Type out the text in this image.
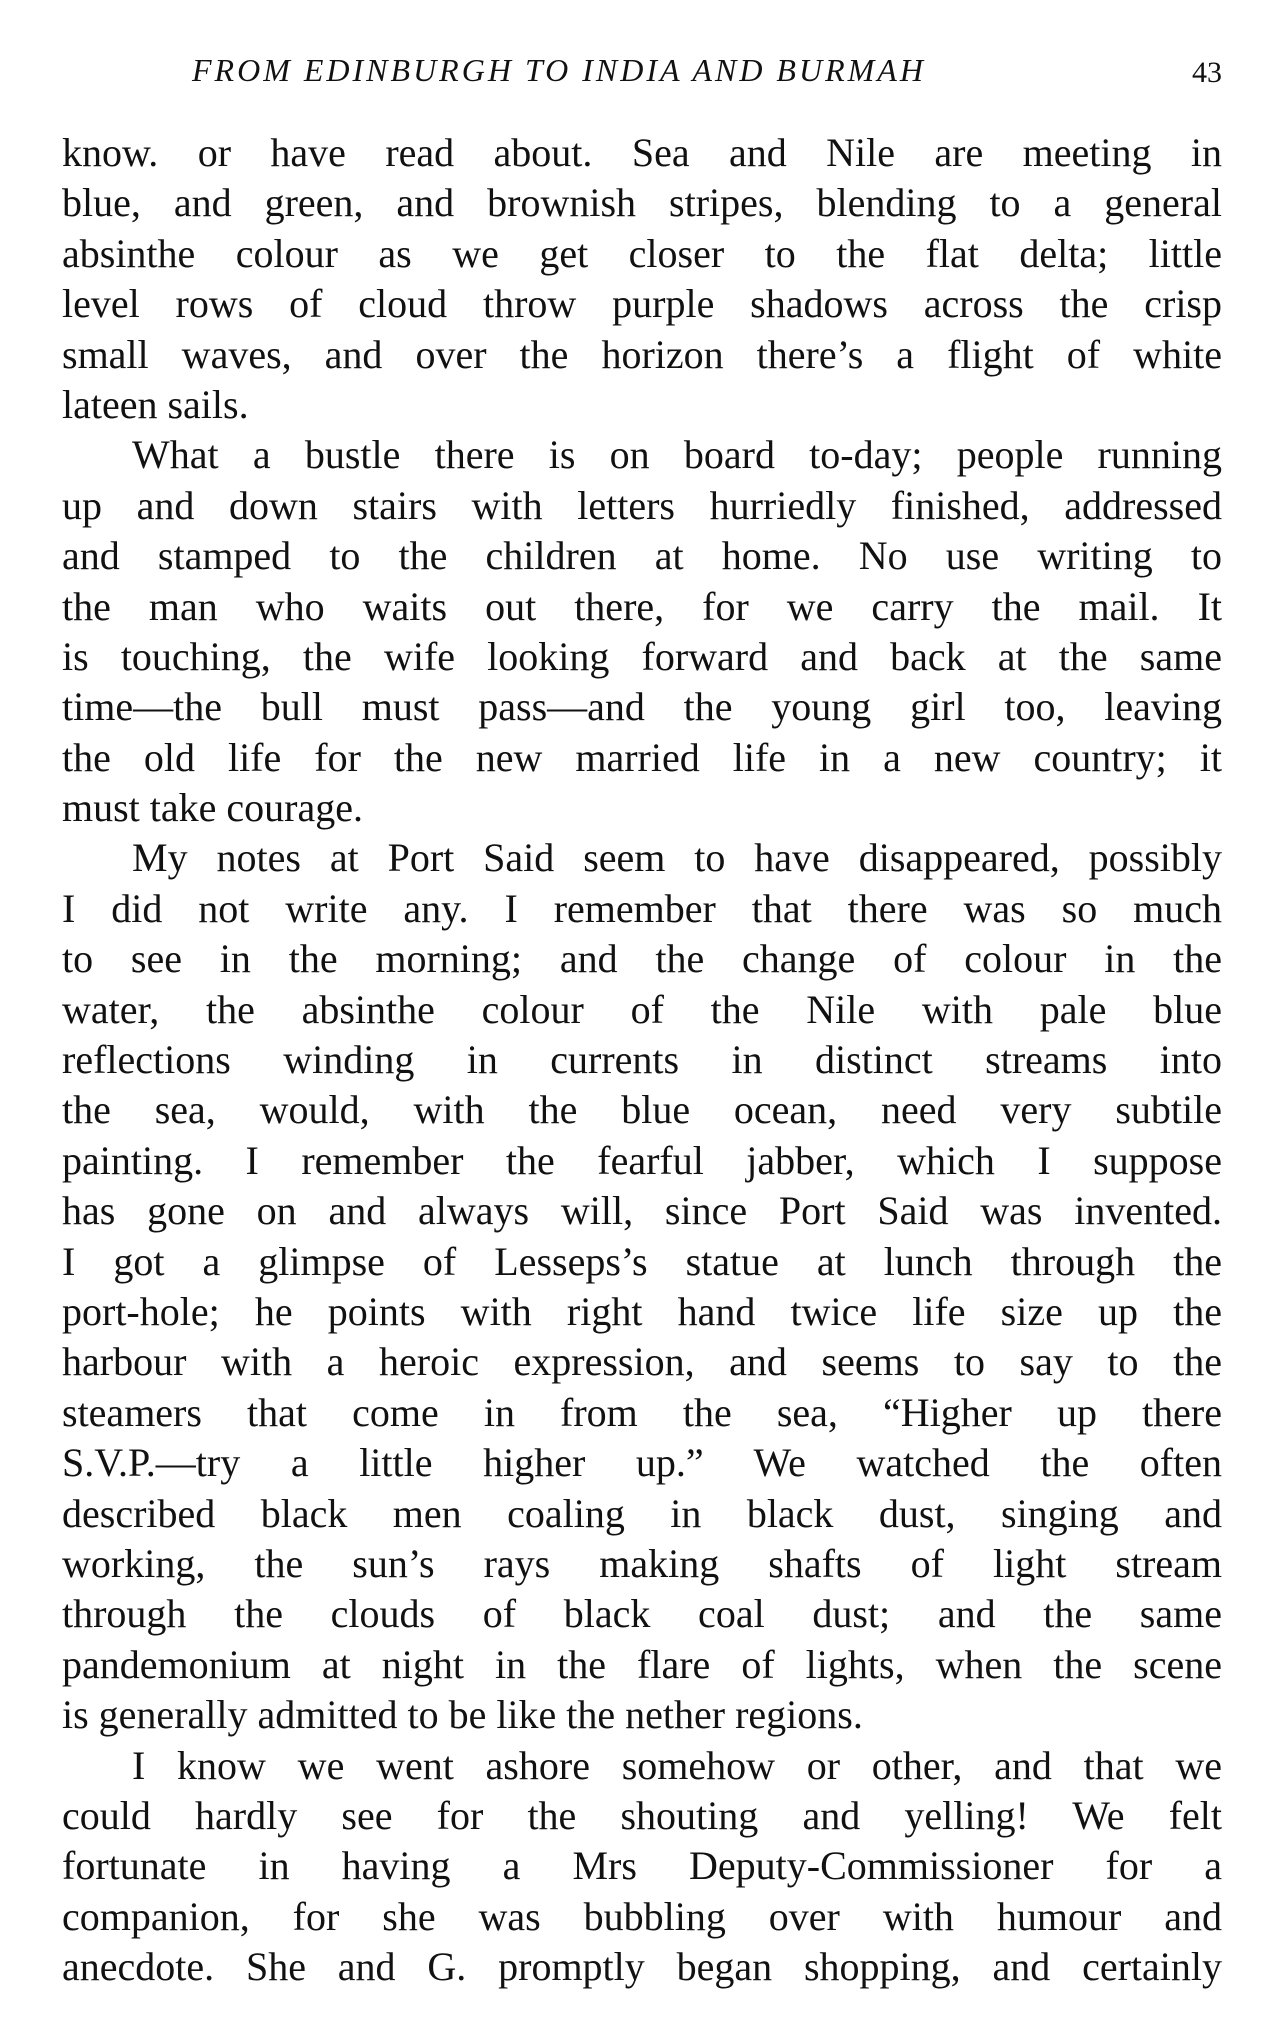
FROM EDINBURGH TO INDIA AND BURMAH	43
know. or have read about. Sea and Nile are meeting in
blue, and green, and brownish stripes, blending to a general
absinthe colour as we get closer to the flat delta; little
level rows of cloud throw purple shadows across the crisp
small waves, and over the horizon there’s a flight of white
lateen sails.
What a bustle there is on board to-day; people running
up and down stairs with letters hurriedly finished, addressed
and stamped to the children at home. No use writing to
the man who waits out there, for we carry the mail. It
is touching, the wife looking forward and back at the same
time—the bull must pass—and the young girl too, leaving
the old life for the new married life in a new country; it
must take courage.
My notes at Port Said seem to have disappeared, possibly
I did not write any. I remember that there was so much
to see in the morning; and the change of colour in the
water, the absinthe colour of the Nile with pale blue
reflections winding in currents in distinct streams into
the sea, would, with the blue ocean, need very subtile
painting. I remember the fearful jabber, which I suppose
has gone on and always will, since Port Said was invented.
I got a glimpse of Lesseps’s statue at lunch through the
port-hole; he points with right hand twice life size up the
harbour with a heroic expression, and seems to say to the
steamers that come in from the sea, “Higher up there
S.V.P.—try a little higher up.” We watched the often
described black men coaling in black dust, singing and
working, the sun’s rays making shafts of light stream
through the clouds of black coal dust; and the same
pandemonium at night in the flare of lights, when the scene
is generally admitted to be like the nether regions.
I know we went ashore somehow or other, and that we
could hardly see for the shouting and yelling! We felt
fortunate in having a Mrs Deputy-Commissioner for a
companion, for she was bubbling over with humour and
anecdote. She and G. promptly began shopping, and certainly
